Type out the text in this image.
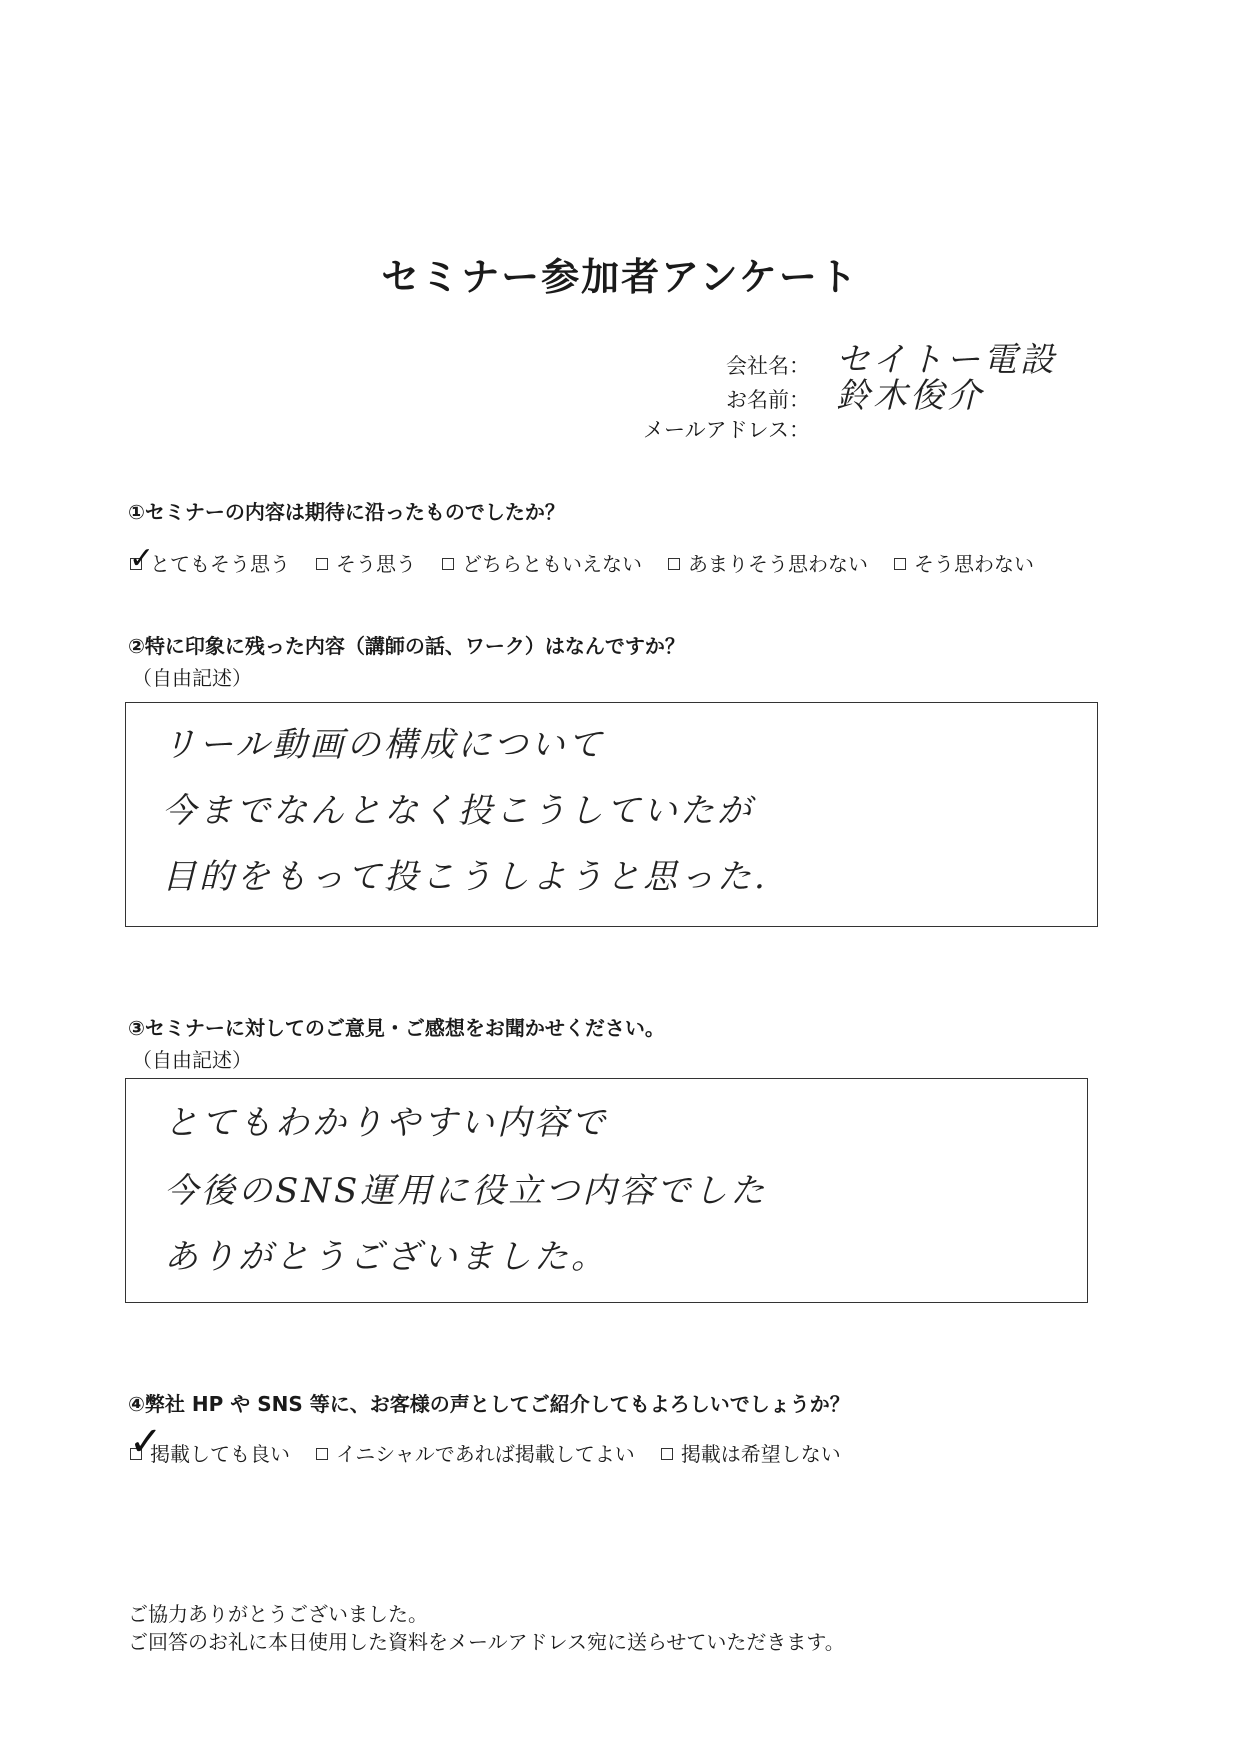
セミナー参加者アンケート
会社名： セイトー電設
お名前： 鈴木俊介
メールアドレス：
①セミナーの内容は期待に沿ったものでしたか？
✓
とてもそう思う そう思う どちらともいえない あまりそう思わない そう思わない
②特に印象に残った内容（講師の話、ワーク）はなんですか？
（自由記述）
リール動画の構成について
今までなんとなく投こうしていたが
目的をもって投こうしようと思った.
③セミナーに対してのご意見・ご感想をお聞かせください。
（自由記述）
とてもわかりやすい内容で
今後のSNS運用に役立つ内容でした
ありがとうございました。
④弊社 HP や SNS 等に、お客様の声としてご紹介してもよろしいでしょうか？
✓
掲載しても良い イニシャルであれば掲載してよい 掲載は希望しない
ご協力ありがとうございました。
ご回答のお礼に本日使用した資料をメールアドレス宛に送らせていただきます。
